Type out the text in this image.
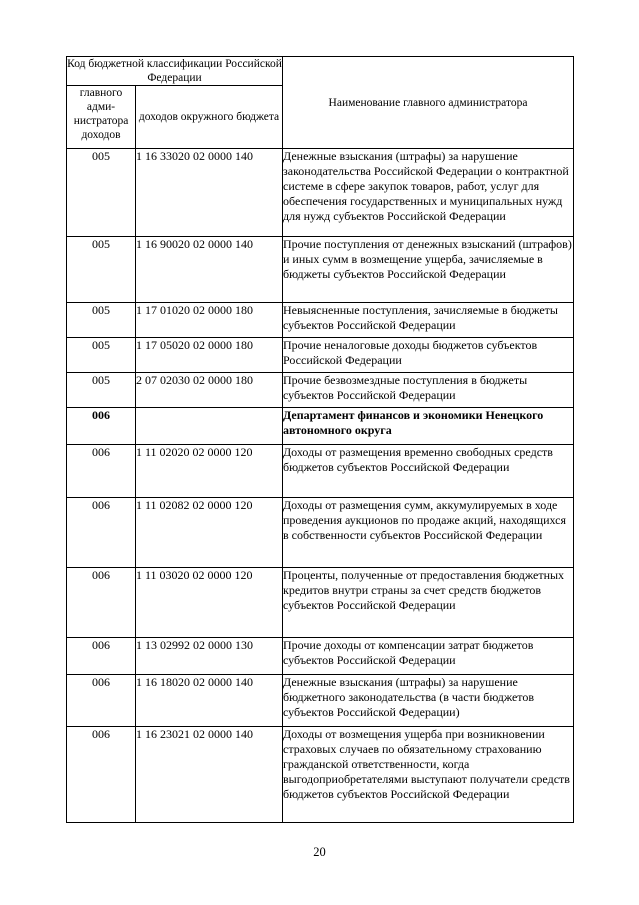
Код бюджетной классификации Российской Федерации		Наименование главного администратора
главного адми-нистратора доходов	доходов окружного бюджета	
005	1 16 33020 02 0000 140	Денежные взыскания (штрафы) за нарушение законодательства Российской Федерации о контрактной системе в сфере закупок товаров, работ, услуг для обеспечения государственных и муниципальных нужд для нужд субъектов Российской Федерации
005	1 16 90020 02 0000 140	Прочие поступления от денежных взысканий (штрафов) и иных сумм в возмещение ущерба, зачисляемые в бюджеты субъектов Российской Федерации
005	1 17 01020 02 0000 180	Невыясненные поступления, зачисляемые в бюджеты субъектов Российской Федерации
005	1 17 05020 02 0000 180	Прочие неналоговые доходы бюджетов субъектов Российской Федерации
005	2 07 02030 02 0000 180	Прочие безвозмездные поступления в бюджеты субъектов Российской Федерации
006		Департамент финансов и экономики Ненецкого автономного округа
006	1 11 02020 02 0000 120	Доходы от размещения временно свободных средств бюджетов субъектов Российской Федерации
006	1 11 02082 02 0000 120	Доходы от размещения сумм, аккумулируемых в ходе проведения аукционов по продаже акций, находящихся в собственности субъектов Российской Федерации
006	1 11 03020 02 0000 120	Проценты, полученные от предоставления бюджетных кредитов внутри страны за счет средств бюджетов субъектов Российской Федерации
006	1 13 02992 02 0000 130	Прочие доходы от компенсации затрат бюджетов субъектов Российской Федерации
006	1 16 18020 02 0000 140	Денежные взыскания (штрафы) за нарушение бюджетного законодательства (в части бюджетов субъектов Российской Федерации)
006	1 16 23021 02 0000 140	Доходы от возмещения ущерба при возникновении страховых случаев по обязательному страхованию гражданской ответственности, когда выгодоприобретателями выступают получатели средств бюджетов субъектов Российской Федерации
20
